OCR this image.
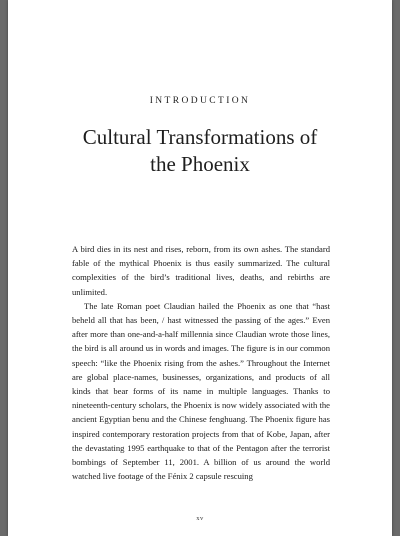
INTRODUCTION
Cultural Transformations of
the Phoenix

A bird dies in its nest and rises, reborn, from its own ashes. The standard fable of the mythical Phoenix is thus easily summarized. The cultural complexities of the bird’s traditional lives, deaths, and rebirths are unlimited.

The late Roman poet Claudian hailed the Phoenix as one that “hast beheld all that has been, / hast witnessed the passing of the ages.” Even after more than one-and-a-half millennia since Claudian wrote those lines, the bird is all around us in words and images. The figure is in our common speech: “like the Phoenix rising from the ashes.” Throughout the Internet are global place-names, businesses, organizations, and products of all kinds that bear forms of its name in multiple languages. Thanks to nineteenth-century scholars, the Phoenix is now widely associated with the ancient Egyptian benu and the Chinese fenghuang. The Phoenix figure has inspired contemporary restoration projects from that of Kobe, Japan, after the devastating 1995 earthquake to that of the Pentagon after the terrorist bombings of September 11, 2001. A billion of us around the world watched live footage of the Fénix 2 capsule rescuing

xv
